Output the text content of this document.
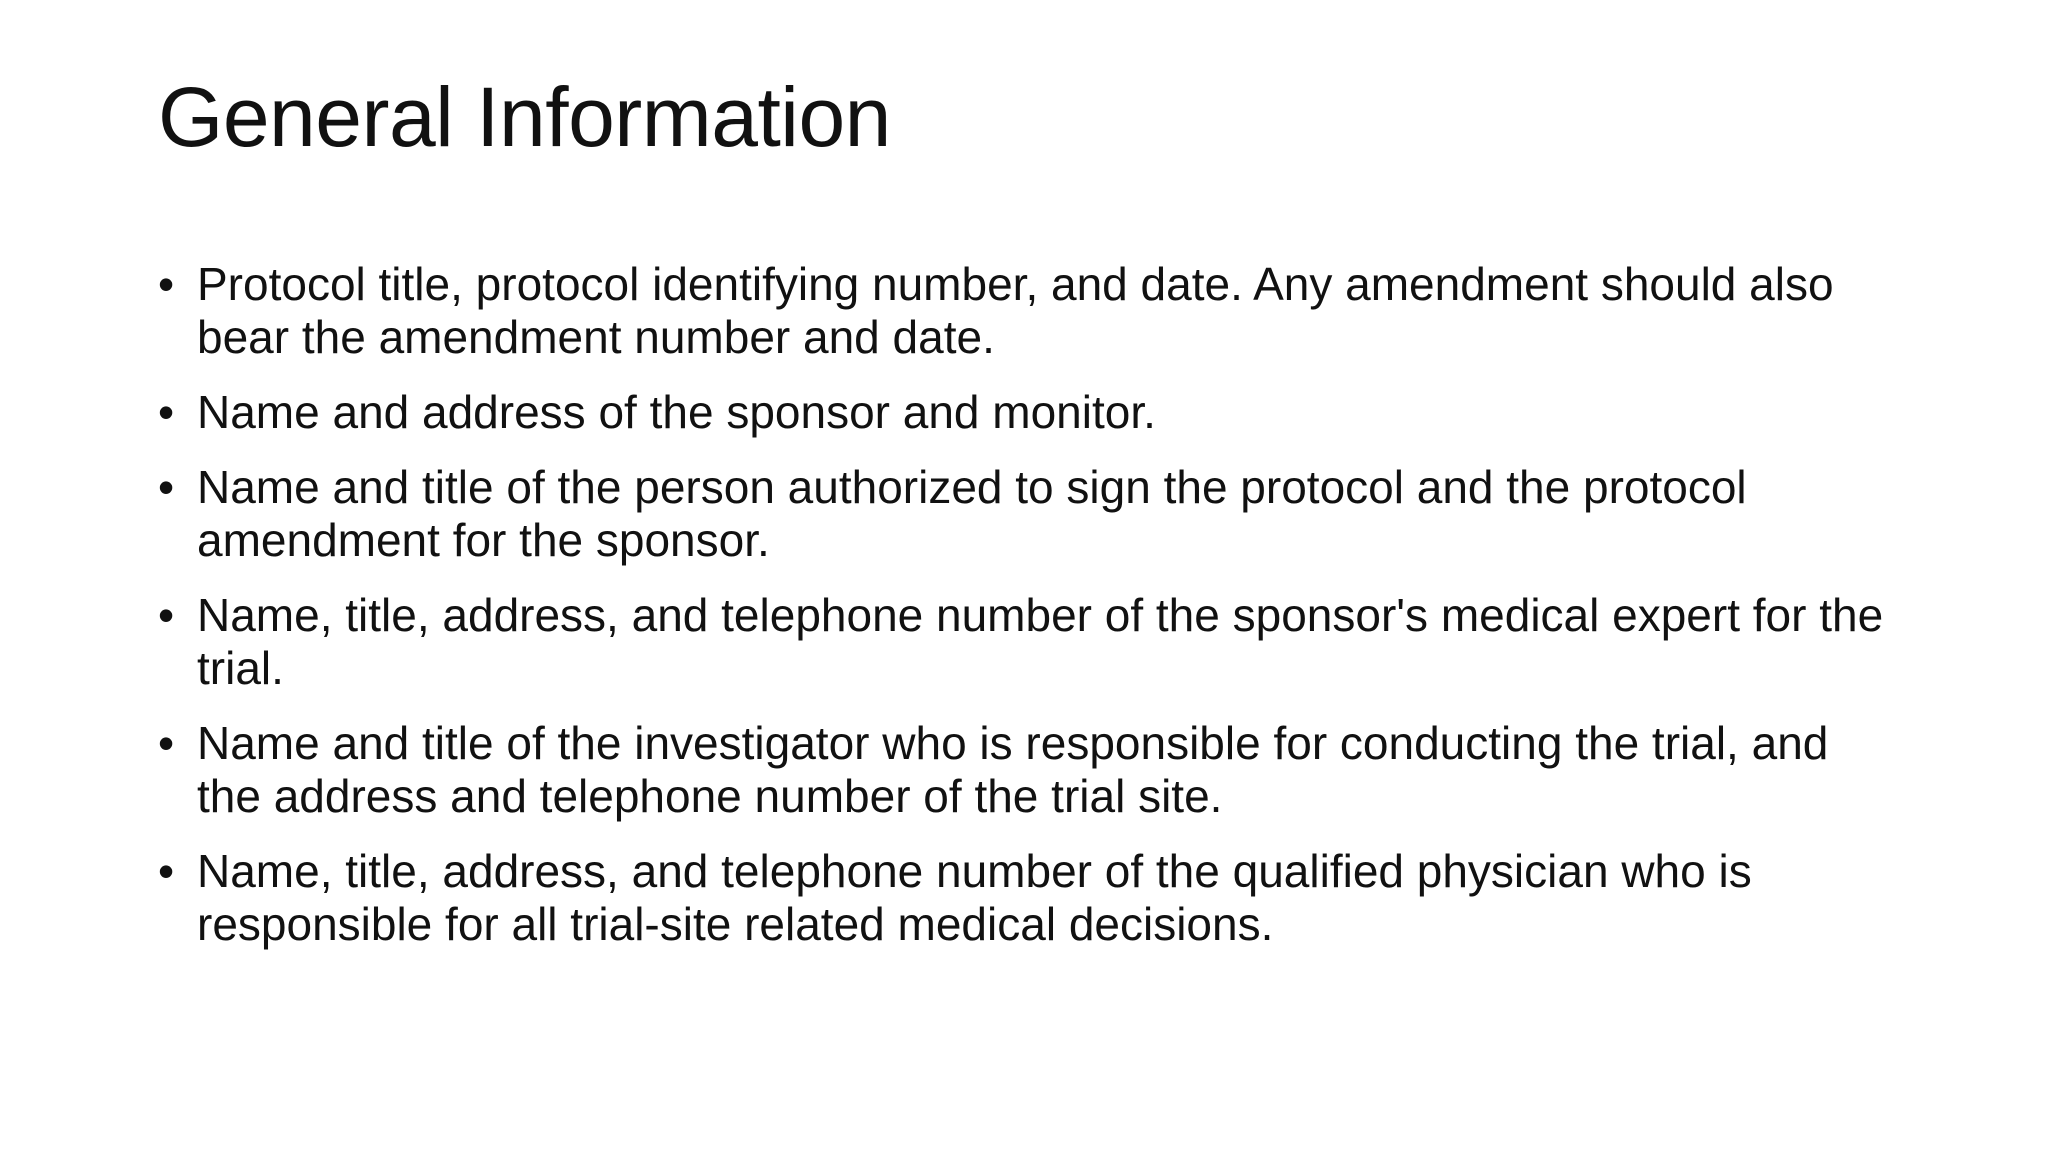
General Information
• Protocol title, protocol identifying number, and date. Any amendment should also bear the amendment number and date.
• Name and address of the sponsor and monitor.
• Name and title of the person authorized to sign the protocol and the protocol amendment for the sponsor.
• Name, title, address, and telephone number of the sponsor's medical expert for the trial.
• Name and title of the investigator who is responsible for conducting the trial, and the address and telephone number of the trial site.
• Name, title, address, and telephone number of the qualified physician who is responsible for all trial-site related medical decisions.
